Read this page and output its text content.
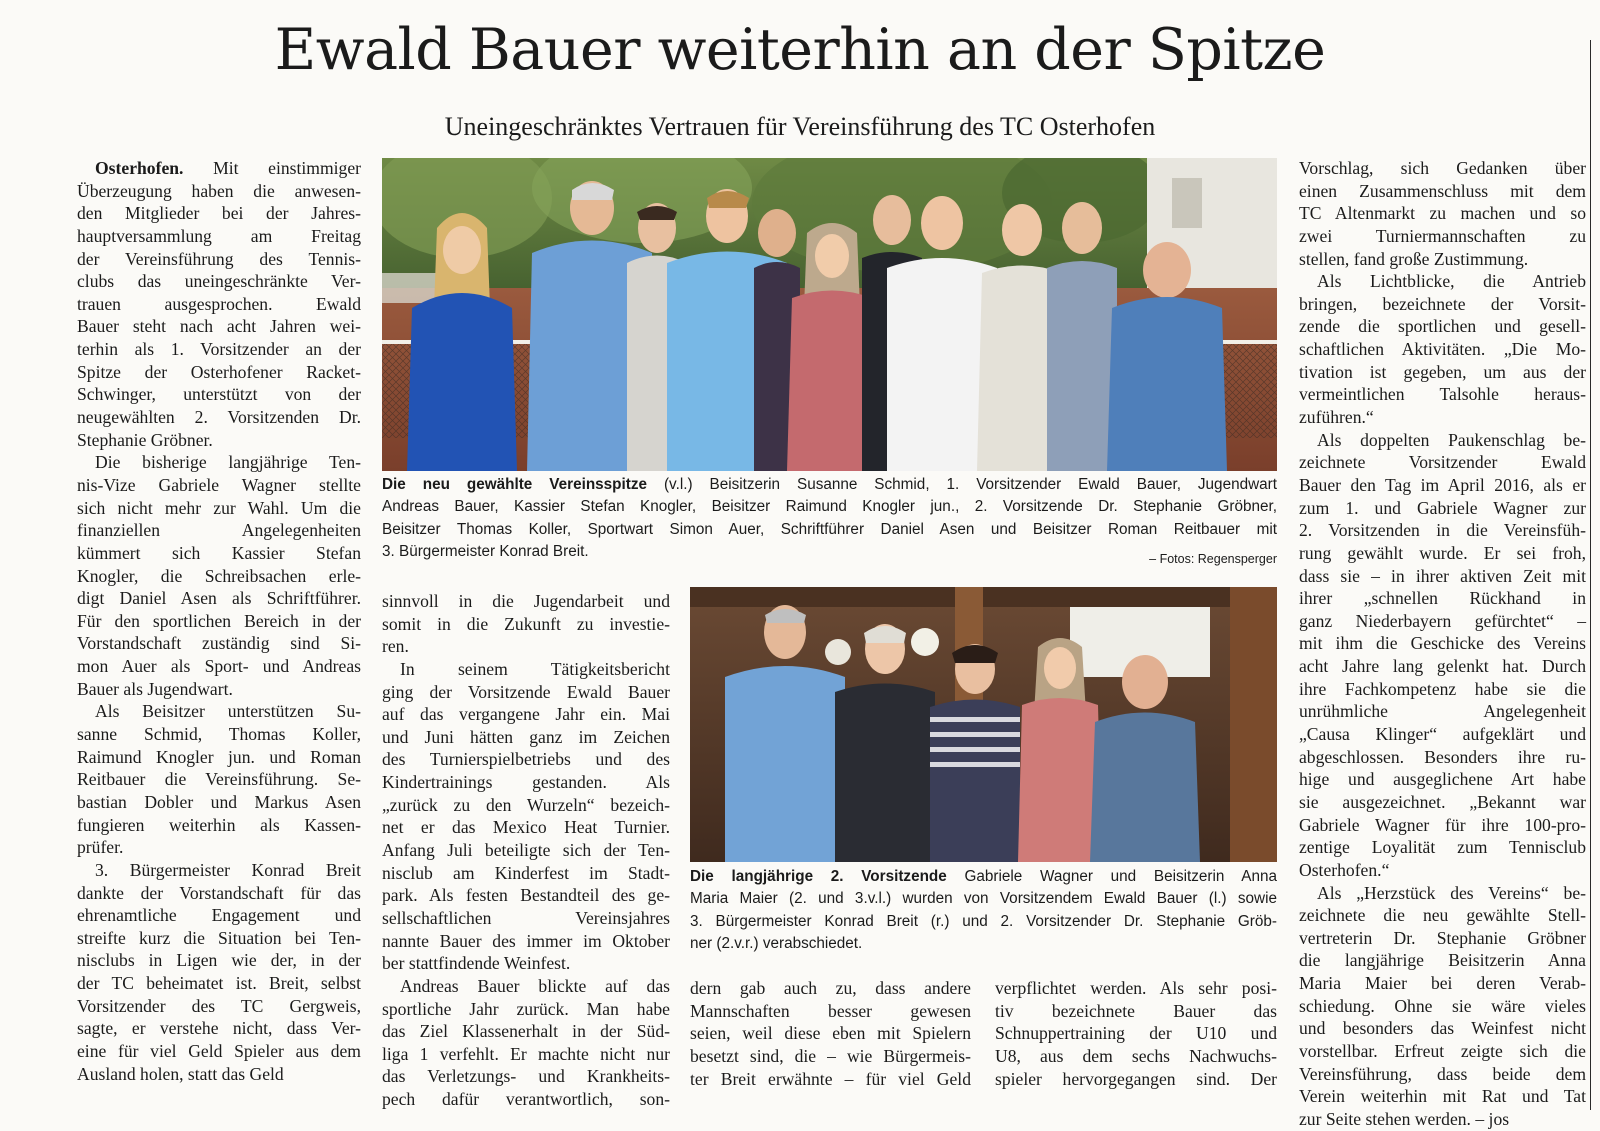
Ewald Bauer weiterhin an der Spitze
Uneingeschränktes Vertrauen für Vereinsführung des TC Osterhofen
Osterhofen. Mit einstimmiger
Überzeugung haben die anwesen-
den Mitglieder bei der Jahres-
hauptversammlung am Freitag
der Vereinsführung des Tennis-
clubs das uneingeschränkte Ver-
trauen ausgesprochen. Ewald
Bauer steht nach acht Jahren wei-
terhin als 1. Vorsitzender an der
Spitze der Osterhofener Racket-
Schwinger, unterstützt von der
neugewählten 2. Vorsitzenden Dr.
Stephanie Gröbner.
Die bisherige langjährige Ten-
nis-Vize Gabriele Wagner stellte
sich nicht mehr zur Wahl. Um die
finanziellen Angelegenheiten
kümmert sich Kassier Stefan
Knogler, die Schreibsachen erle-
digt Daniel Asen als Schriftführer.
Für den sportlichen Bereich in der
Vorstandschaft zuständig sind Si-
mon Auer als Sport- und Andreas
Bauer als Jugendwart.
Als Beisitzer unterstützen Su-
sanne Schmid, Thomas Koller,
Raimund Knogler jun. und Roman
Reitbauer die Vereinsführung. Se-
bastian Dobler und Markus Asen
fungieren weiterhin als Kassen-
prüfer.
3. Bürgermeister Konrad Breit
dankte der Vorstandschaft für das
ehrenamtliche Engagement und
streifte kurz die Situation bei Ten-
nisclubs in Ligen wie der, in der
der TC beheimatet ist. Breit, selbst
Vorsitzender des TC Gergweis,
sagte, er verstehe nicht, dass Ver-
eine für viel Geld Spieler aus dem
Ausland holen, statt das Geld
sinnvoll in die Jugendarbeit und
somit in die Zukunft zu investie-
ren.
In seinem Tätigkeitsbericht
ging der Vorsitzende Ewald Bauer
auf das vergangene Jahr ein. Mai
und Juni hätten ganz im Zeichen
des Turnierspielbetriebs und des
Kindertrainings gestanden. Als
„zurück zu den Wurzeln“ bezeich-
net er das Mexico Heat Turnier.
Anfang Juli beteiligte sich der Ten-
nisclub am Kinderfest im Stadt-
park. Als festen Bestandteil des ge-
sellschaftlichen Vereinsjahres
nannte Bauer des immer im Oktober
ber stattfindende Weinfest.
Andreas Bauer blickte auf das
sportliche Jahr zurück. Man habe
das Ziel Klassenerhalt in der Süd-
liga 1 verfehlt. Er machte nicht nur
das Verletzungs- und Krankheits-
pech dafür verantwortlich, son-
dern gab auch zu, dass andere
Mannschaften besser gewesen
seien, weil diese eben mit Spielern
besetzt sind, die – wie Bürgermeis-
ter Breit erwähnte – für viel Geld
verpflichtet werden. Als sehr posi-
tiv bezeichnete Bauer das
Schnuppertraining der U10 und
U8, aus dem sechs Nachwuchs-
spieler hervorgegangen sind. Der
Vorschlag, sich Gedanken über
einen Zusammenschluss mit dem
TC Altenmarkt zu machen und so
zwei Turniermannschaften zu
stellen, fand große Zustimmung.
Als Lichtblicke, die Antrieb
bringen, bezeichnete der Vorsit-
zende die sportlichen und gesell-
schaftlichen Aktivitäten. „Die Mo-
tivation ist gegeben, um aus der
vermeintlichen Talsohle heraus-
zuführen.“
Als doppelten Paukenschlag be-
zeichnete Vorsitzender Ewald
Bauer den Tag im April 2016, als er
zum 1. und Gabriele Wagner zur
2. Vorsitzenden in die Vereinsfüh-
rung gewählt wurde. Er sei froh,
dass sie – in ihrer aktiven Zeit mit
ihrer „schnellen Rückhand in
ganz Niederbayern gefürchtet“ –
mit ihm die Geschicke des Vereins
acht Jahre lang gelenkt hat. Durch
ihre Fachkompetenz habe sie die
unrühmliche Angelegenheit
„Causa Klinger“ aufgeklärt und
abgeschlossen. Besonders ihre ru-
hige und ausgeglichene Art habe
sie ausgezeichnet. „Bekannt war
Gabriele Wagner für ihre 100-pro-
zentige Loyalität zum Tennisclub
Osterhofen.“
Als „Herzstück des Vereins“ be-
zeichnete die neu gewählte Stell-
vertreterin Dr. Stephanie Gröbner
die langjährige Beisitzerin Anna
Maria Maier bei deren Verab-
schiedung. Ohne sie wäre vieles
und besonders das Weinfest nicht
vorstellbar. Erfreut zeigte sich die
Vereinsführung, dass beide dem
Verein weiterhin mit Rat und Tat
zur Seite stehen werden. – jos
Die neu gewählte Vereinsspitze (v.l.) Beisitzerin Susanne Schmid, 1. Vorsitzender Ewald Bauer, Jugendwart
Andreas Bauer, Kassier Stefan Knogler, Beisitzer Raimund Knogler jun., 2. Vorsitzende Dr. Stephanie Gröbner,
Beisitzer Thomas Koller, Sportwart Simon Auer, Schriftführer Daniel Asen und Beisitzer Roman Reitbauer mit
3. Bürgermeister Konrad Breit.	– Fotos: Regensperger
Die langjährige 2. Vorsitzende Gabriele Wagner und Beisitzerin Anna
Maria Maier (2. und 3.v.l.) wurden von Vorsitzendem Ewald Bauer (l.) sowie
3. Bürgermeister Konrad Breit (r.) und 2. Vorsitzender Dr. Stephanie Gröb-
ner (2.v.r.) verabschiedet.
